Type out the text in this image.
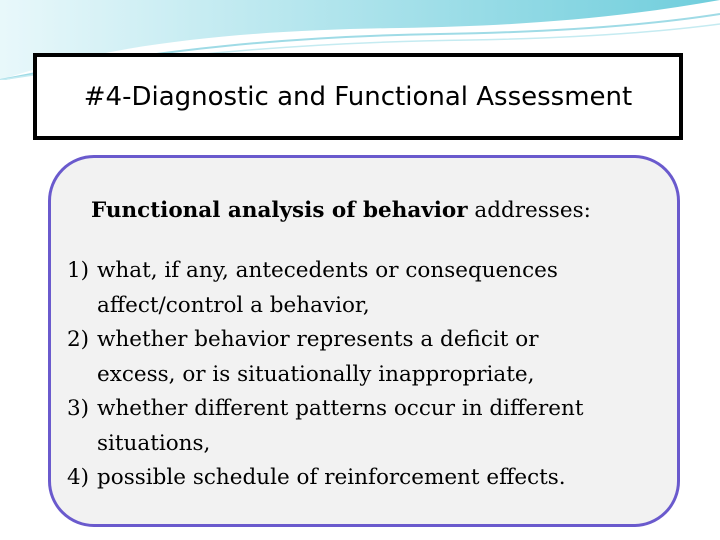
#4-Diagnostic and Functional Assessment
Functional analysis of behavior addresses:
1) what, if any, antecedents or consequences
affect/control a behavior,
2) whether behavior represents a deficit or
excess, or is situationally inappropriate,
3) whether different patterns occur in different
situations,
4) possible schedule of reinforcement effects.
